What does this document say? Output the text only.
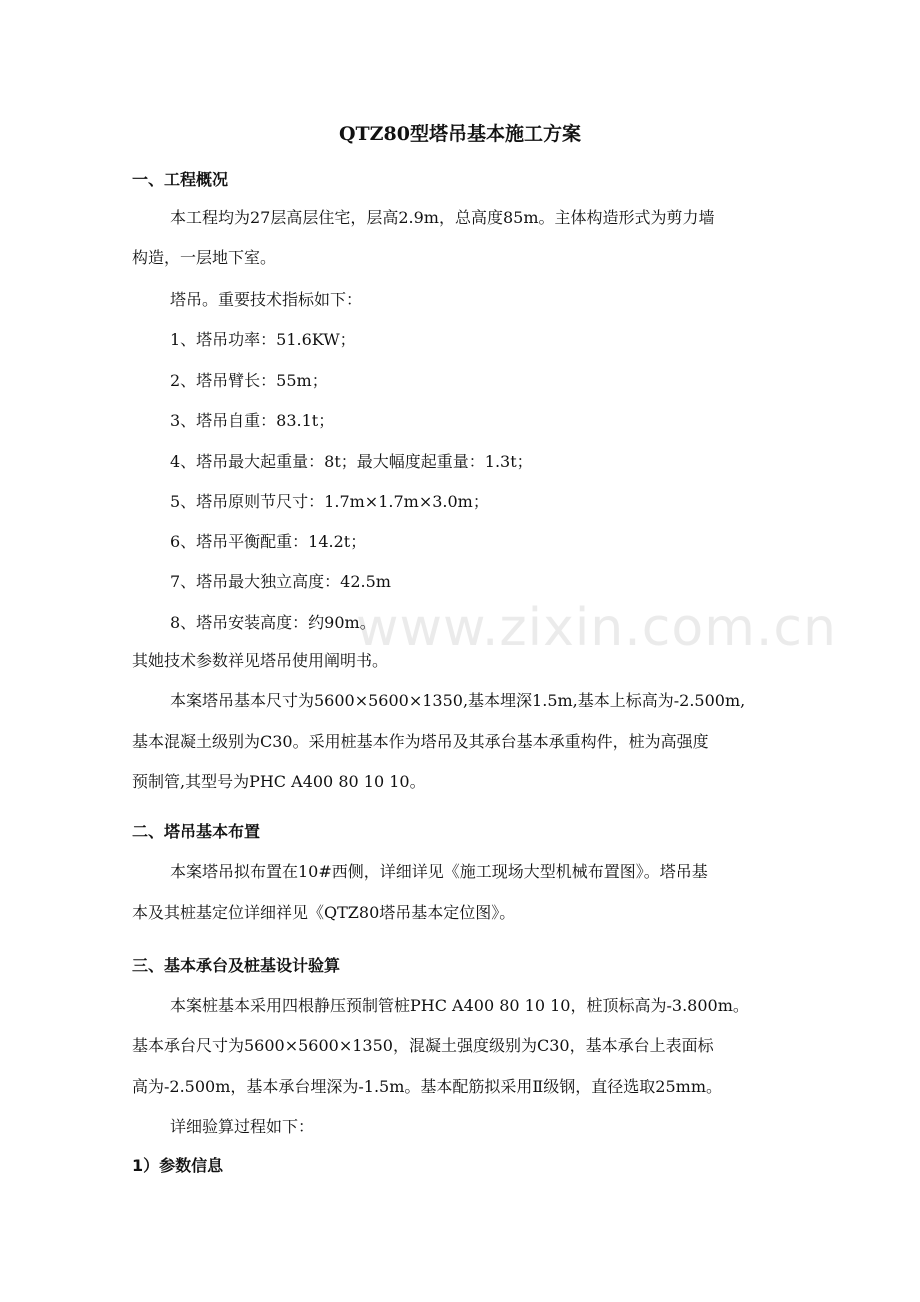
www.zixin.com.cn
QTZ80型塔吊基本施工方案
一、工程概况
本工程均为27层高层住宅，层高2.9m，总高度85m。主体构造形式为剪力墙
构造，一层地下室。
塔吊。重要技术指标如下：
1、塔吊功率：51.6KW；
2、塔吊臂长：55m；
3、塔吊自重：83.1t；
4、塔吊最大起重量：8t；最大幅度起重量：1.3t；
5、塔吊原则节尺寸：1.7m×1.7m×3.0m；
6、塔吊平衡配重：14.2t；
7、塔吊最大独立高度：42.5m
8、塔吊安装高度：约90m。
其她技术参数祥见塔吊使用阐明书。
本案塔吊基本尺寸为5600×5600×1350,基本埋深1.5m,基本上标高为-2.500m,
基本混凝土级别为C30。采用桩基本作为塔吊及其承台基本承重构件，桩为高强度
预制管,其型号为PHC A400 80 10 10。
二、塔吊基本布置
本案塔吊拟布置在10#西侧，详细详见《施工现场大型机械布置图》。塔吊基
本及其桩基定位详细祥见《QTZ80塔吊基本定位图》。
三、基本承台及桩基设计验算
本案桩基本采用四根静压预制管桩PHC A400 80 10 10，桩顶标高为-3.800m。
基本承台尺寸为5600×5600×1350，混凝土强度级别为C30，基本承台上表面标
高为-2.500m，基本承台埋深为-1.5m。基本配筋拟采用Ⅱ级钢，直径选取25mm。
详细验算过程如下：
1）参数信息
